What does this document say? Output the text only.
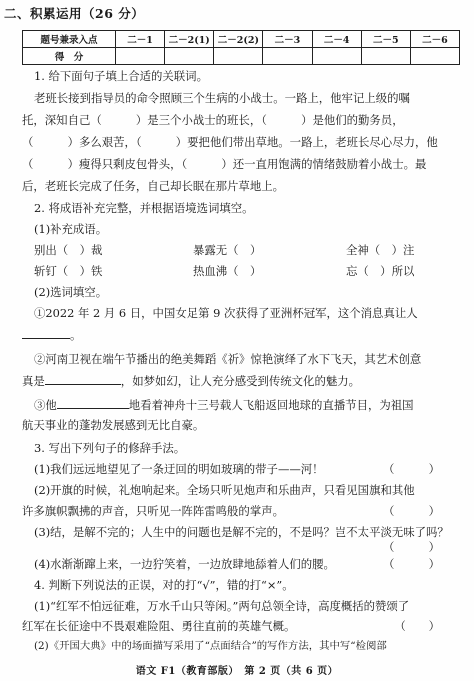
二、积累运用（26 分）
题号兼录入点	二－1	二－2(1)	二－2(2)	二－3	二－4	二－5	二－6
得　分							
1. 给下面句子填上合适的关联词。
老班长接到指导员的命令照顾三个生病的小战士。一路上，他牢记上级的嘱
托，深知自己（　　　）是三个小战士的班长，（　　　）是他们的勤务员，
（　　　）多么艰苦，（　　　）要把他们带出草地。一路上，老班长尽心尽力，他
（　　　）瘦得只剩皮包骨头，（　　　）还一直用饱满的情绪鼓励着小战士。最
后，老班长完成了任务，自己却长眠在那片草地上。
2. 将成语补充完整，并根据语境选词填空。
(1)补充成语。
别出（　）裁	暴露无（　）	全神（　）注
斩钉（　）铁	热血沸（　）	忘（　）所以
(2)选词填空。
①2022 年 2 月 6 日，中国女足第 9 次获得了亚洲杯冠军，这个消息真让人
。
②河南卫视在端午节播出的绝美舞蹈《祈》惊艳演绎了水下飞天，其艺术创意
真是	，如梦如幻，让人充分感受到传统文化的魅力。
③他	地看着神舟十三号载人飞船返回地球的直播节目，为祖国
航天事业的蓬勃发展感到无比自豪。
3. 写出下列句子的修辞手法。
(1)我们远远地望见了一条迂回的明如玻璃的带子——河！	（　　　）
(2)开旗的时候，礼炮响起来。全场只听见炮声和乐曲声，只看见国旗和其他
许多旗帜飘拂的声音，只听见一阵阵雷鸣般的掌声。	（　　　）
(3)结，是解不完的；人生中的问题也是解不完的，不是吗？岂不太平淡无味了吗？
（　　　）
(4)水渐渐蹿上来，一边狞笑着，一边放肆地舔着人们的腰。	（　　　）
4. 判断下列说法的正误，对的打“√”，错的打“×”。
(1)“红军不怕远征难，万水千山只等闲。”两句总领全诗，高度概括的赞颂了
红军在长征途中不畏艰难险阻、勇往直前的英雄气概。	（　　）
(2)《开国大典》中的场面描写采用了“点面结合”的写作方法，其中写“检阅部
语文 F1（教育部版）　第 2 页（共 6 页）
